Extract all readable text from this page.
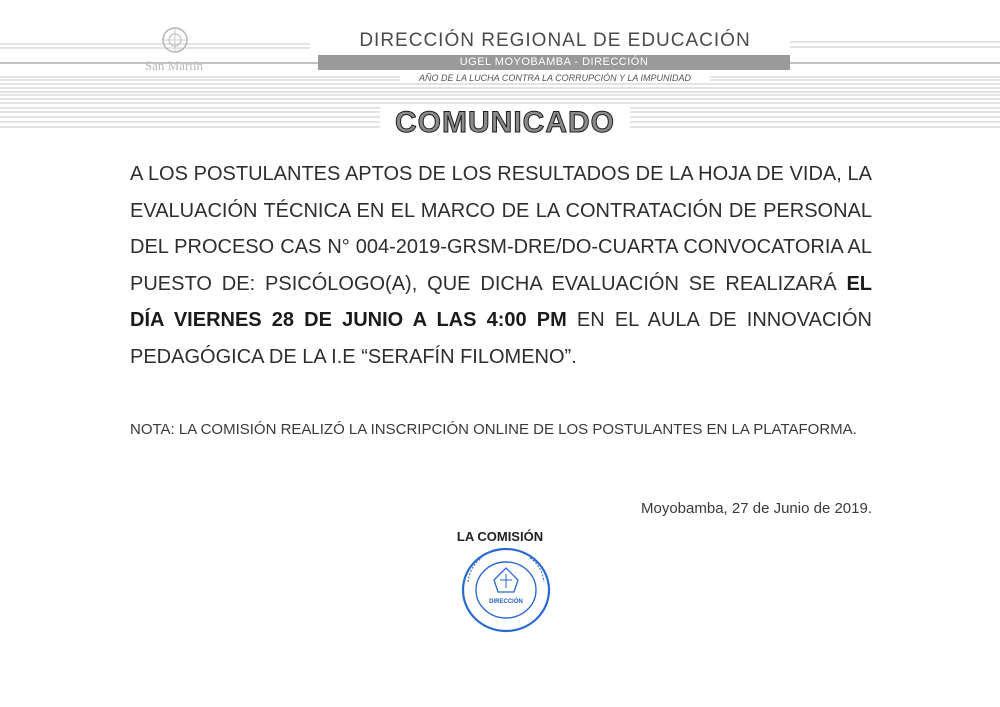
San Martín
DIRECCIÓN REGIONAL DE EDUCACIÓN
UGEL MOYOBAMBA - DIRECCIÓN
AÑO DE LA LUCHA CONTRA LA CORRUPCIÓN Y LA IMPUNIDAD
COMUNICADO
A LOS POSTULANTES APTOS DE LOS RESULTADOS DE LA HOJA DE VIDA, LA EVALUACIÓN TÉCNICA EN EL MARCO DE LA CONTRATACIÓN DE PERSONAL DEL PROCESO CAS N° 004-2019-GRSM-DRE/DO-CUARTA CONVOCATORIA AL PUESTO DE: PSICÓLOGO(A), QUE DICHA EVALUACIÓN SE REALIZARÁ EL DÍA VIERNES 28 DE JUNIO A LAS 4:00 PM EN EL AULA DE INNOVACIÓN PEDAGÓGICA DE LA I.E “SERAFÍN FILOMENO”.
NOTA: LA COMISIÓN REALIZÓ LA INSCRIPCIÓN ONLINE DE LOS POSTULANTES EN LA PLATAFORMA.
Moyobamba, 27 de Junio de 2019.
LA COMISIÓN
DIRECCIÓN
